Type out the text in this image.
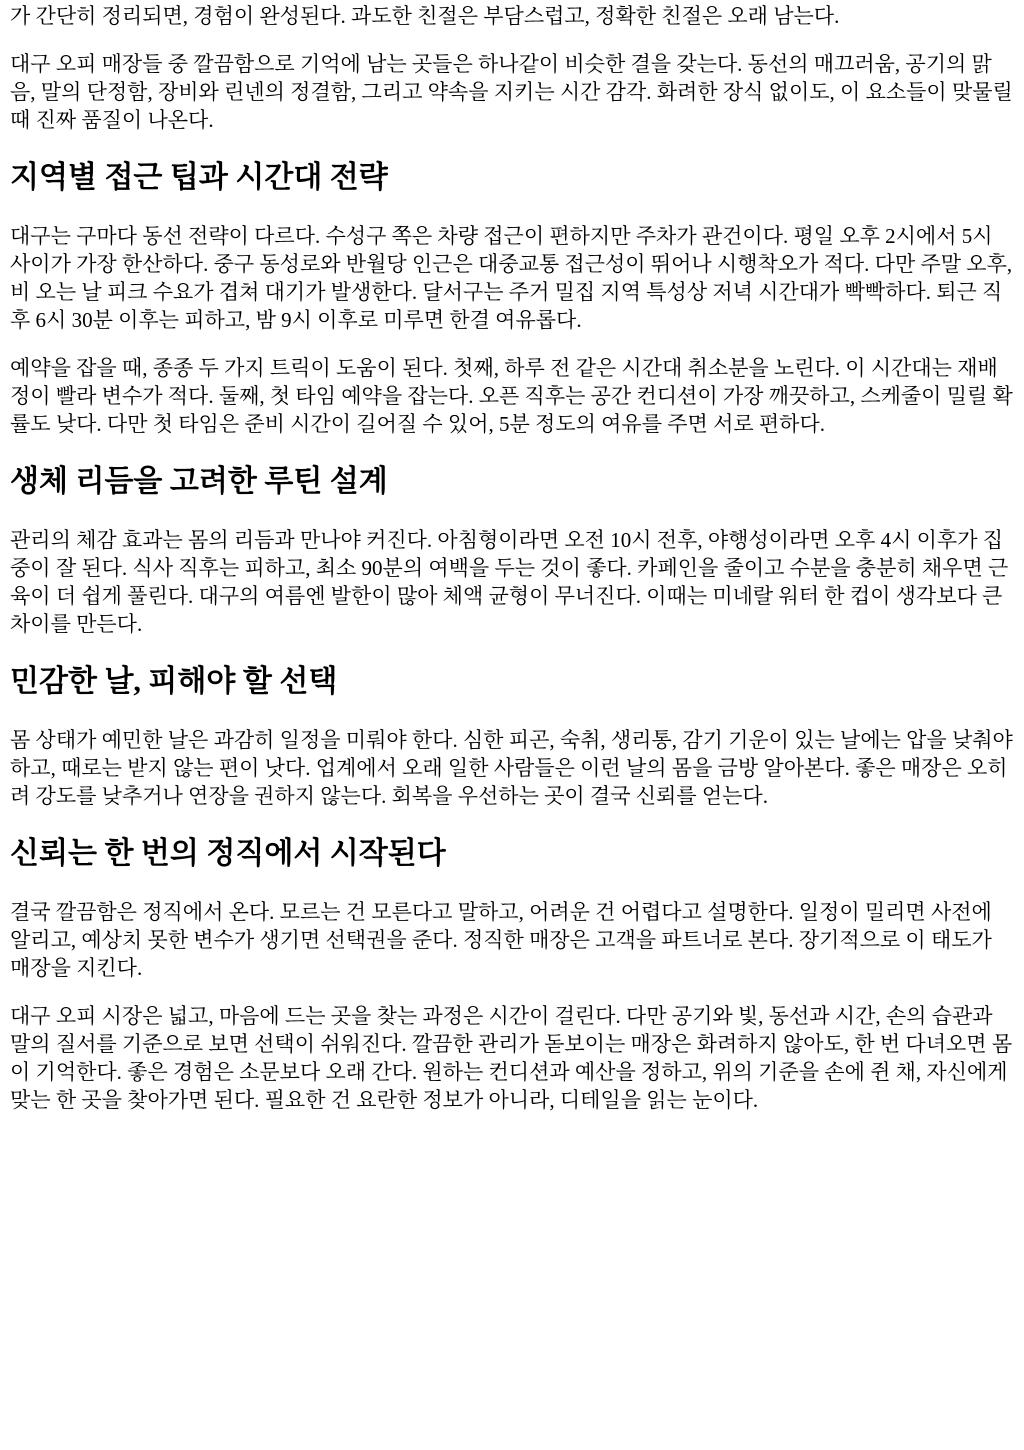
가 간단히 정리되면, 경험이 완성된다. 과도한 친절은 부담스럽고, 정확한 친절은 오래 남는다.

대구 오피 매장들 중 깔끔함으로 기억에 남는 곳들은 하나같이 비슷한 결을 갖는다. 동선의 매끄러움, 공기의 맑음, 말의 단정함, 장비와 린넨의 정결함, 그리고 약속을 지키는 시간 감각. 화려한 장식 없이도, 이 요소들이 맞물릴 때 진짜 품질이 나온다.

지역별 접근 팁과 시간대 전략

대구는 구마다 동선 전략이 다르다. 수성구 쪽은 차량 접근이 편하지만 주차가 관건이다. 평일 오후 2시에서 5시 사이가 가장 한산하다. 중구 동성로와 반월당 인근은 대중교통 접근성이 뛰어나 시행착오가 적다. 다만 주말 오후, 비 오는 날 피크 수요가 겹쳐 대기가 발생한다. 달서구는 주거 밀집 지역 특성상 저녁 시간대가 빡빡하다. 퇴근 직후 6시 30분 이후는 피하고, 밤 9시 이후로 미루면 한결 여유롭다.

예약을 잡을 때, 종종 두 가지 트릭이 도움이 된다. 첫째, 하루 전 같은 시간대 취소분을 노린다. 이 시간대는 재배정이 빨라 변수가 적다. 둘째, 첫 타임 예약을 잡는다. 오픈 직후는 공간 컨디션이 가장 깨끗하고, 스케줄이 밀릴 확률도 낮다. 다만 첫 타임은 준비 시간이 길어질 수 있어, 5분 정도의 여유를 주면 서로 편하다.

생체 리듬을 고려한 루틴 설계

관리의 체감 효과는 몸의 리듬과 만나야 커진다. 아침형이라면 오전 10시 전후, 야행성이라면 오후 4시 이후가 집중이 잘 된다. 식사 직후는 피하고, 최소 90분의 여백을 두는 것이 좋다. 카페인을 줄이고 수분을 충분히 채우면 근육이 더 쉽게 풀린다. 대구의 여름엔 발한이 많아 체액 균형이 무너진다. 이때는 미네랄 워터 한 컵이 생각보다 큰 차이를 만든다.

민감한 날, 피해야 할 선택

몸 상태가 예민한 날은 과감히 일정을 미뤄야 한다. 심한 피곤, 숙취, 생리통, 감기 기운이 있는 날에는 압을 낮춰야 하고, 때로는 받지 않는 편이 낫다. 업계에서 오래 일한 사람들은 이런 날의 몸을 금방 알아본다. 좋은 매장은 오히려 강도를 낮추거나 연장을 권하지 않는다. 회복을 우선하는 곳이 결국 신뢰를 얻는다.

신뢰는 한 번의 정직에서 시작된다

결국 깔끔함은 정직에서 온다. 모르는 건 모른다고 말하고, 어려운 건 어렵다고 설명한다. 일정이 밀리면 사전에 알리고, 예상치 못한 변수가 생기면 선택권을 준다. 정직한 매장은 고객을 파트너로 본다. 장기적으로 이 태도가 매장을 지킨다.

대구 오피 시장은 넓고, 마음에 드는 곳을 찾는 과정은 시간이 걸린다. 다만 공기와 빛, 동선과 시간, 손의 습관과 말의 질서를 기준으로 보면 선택이 쉬워진다. 깔끔한 관리가 돋보이는 매장은 화려하지 않아도, 한 번 다녀오면 몸이 기억한다. 좋은 경험은 소문보다 오래 간다. 원하는 컨디션과 예산을 정하고, 위의 기준을 손에 쥔 채, 자신에게 맞는 한 곳을 찾아가면 된다. 필요한 건 요란한 정보가 아니라, 디테일을 읽는 눈이다.
